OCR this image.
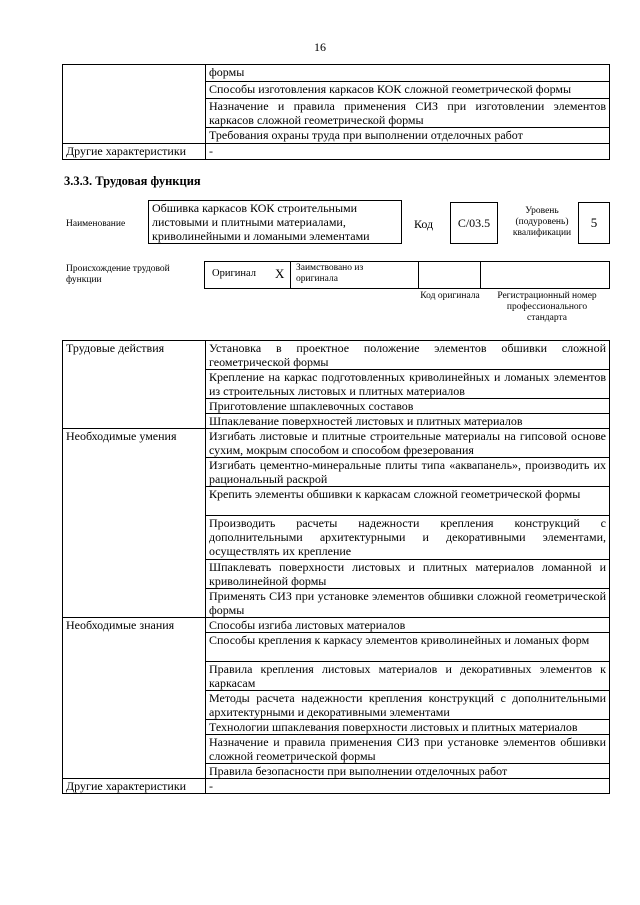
16
	формы
	Способы изготовления каркасов КОК сложной геометрической формы
	Назначение и правила применения СИЗ при изготовлении элементов каркасов сложной геометрической формы
	Требования охраны труда при выполнении отделочных работ
Другие характеристики	-
3.3.3. Трудовая функция
Наименование
Обшивка каркасов КОК строительными листовыми и плитными материалами, криволинейными и ломаными элементами
Код	C/03.5
Уровень (подуровень) квалификации
5
Происхождение трудовой функции
Оригинал X Заимствовано из оригинала
Код оригинала	Регистрационный номер профессионального стандарта
Трудовые действия	Установка в проектное положение элементов обшивки сложной геометрической формы
	Крепление на каркас подготовленных криволинейных и ломаных элементов из строительных листовых и плитных материалов
	Приготовление шпаклевочных составов
	Шпаклевание поверхностей листовых и плитных материалов
Необходимые умения	Изгибать листовые и плитные строительные материалы на гипсовой основе сухим, мокрым способом и способом фрезерования
	Изгибать цементно-минеральные плиты типа «аквапанель», производить их рациональный раскрой
	Крепить элементы обшивки к каркасам сложной геометрической формы
	Производить расчеты надежности крепления конструкций с дополнительными архитектурными и декоративными элементами, осуществлять их крепление
	Шпаклевать поверхности листовых и плитных материалов ломанной и криволинейной формы
	Применять СИЗ при установке элементов обшивки сложной геометрической формы
Необходимые знания	Способы изгиба листовых материалов
	Способы крепления к каркасу элементов криволинейных и ломаных форм
	Правила крепления листовых материалов и декоративных элементов к каркасам
	Методы расчета надежности крепления конструкций с дополнительными архитектурными и декоративными элементами
	Технологии шпаклевания поверхности листовых и плитных материалов
	Назначение и правила применения СИЗ при установке элементов обшивки сложной геометрической формы
	Правила безопасности при выполнении отделочных работ
Другие характеристики	-
